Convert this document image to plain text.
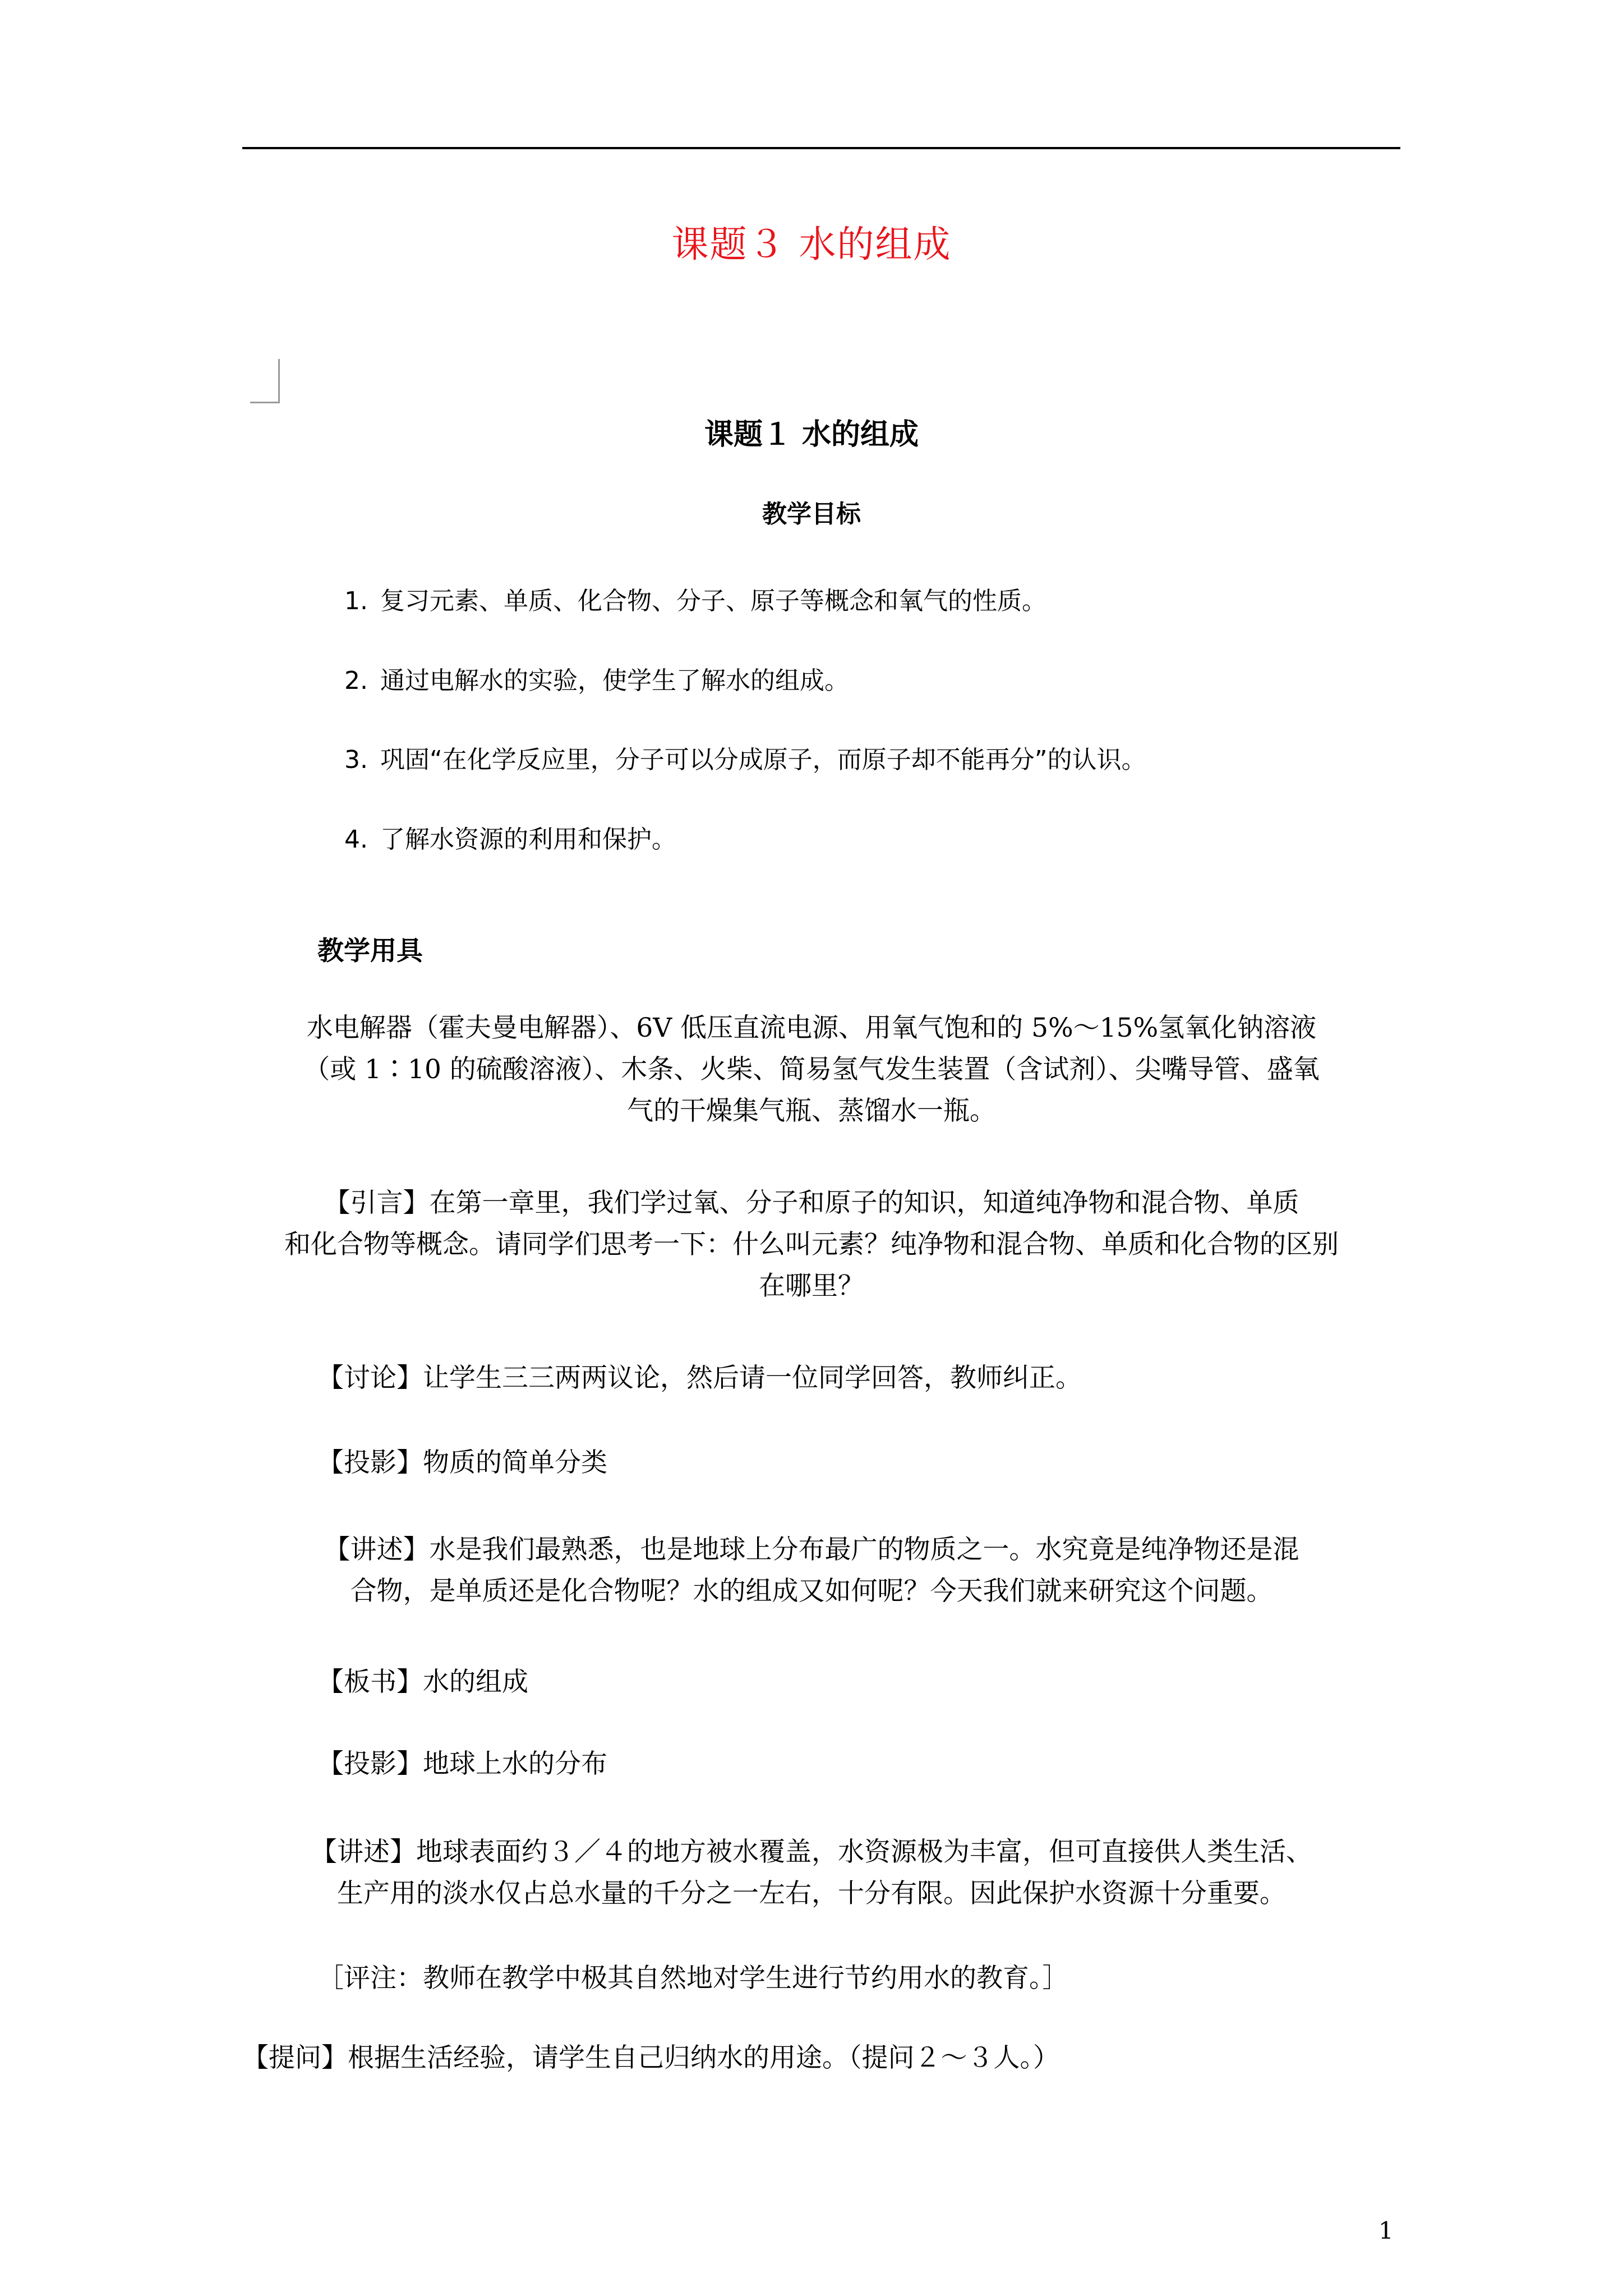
课题３ 水的组成
课题１ 水的组成
教学目标
1. 复习元素、单质、化合物、分子、原子等概念和氧气的性质。
2. 通过电解水的实验，使学生了解水的组成。
3. 巩固“在化学反应里，分子可以分成原子，而原子却不能再分”的认识。
4. 了解水资源的利用和保护。
教学用具
水电解器（霍夫曼电解器）、6V 低压直流电源、用氧气饱和的 5%～15%氢氧化钠溶液
（或 1∶10 的硫酸溶液）、木条、火柴、简易氢气发生装置（含试剂）、尖嘴导管、盛氧
气的干燥集气瓶、蒸馏水一瓶。
【引言】在第一章里，我们学过氧、分子和原子的知识，知道纯净物和混合物、单质
和化合物等概念。请同学们思考一下：什么叫元素？纯净物和混合物、单质和化合物的区别
在哪里？
【讨论】让学生三三两两议论，然后请一位同学回答，教师纠正。
【投影】物质的简单分类
【讲述】水是我们最熟悉，也是地球上分布最广的物质之一。水究竟是纯净物还是混
合物，是单质还是化合物呢？水的组成又如何呢？今天我们就来研究这个问题。
【板书】水的组成
【投影】地球上水的分布
【讲述】地球表面约３／４的地方被水覆盖，水资源极为丰富，但可直接供人类生活、
生产用的淡水仅占总水量的千分之一左右，十分有限。因此保护水资源十分重要。
［评注：教师在教学中极其自然地对学生进行节约用水的教育。］
【提问】根据生活经验，请学生自己归纳水的用途。（提问２～３人。）
1
